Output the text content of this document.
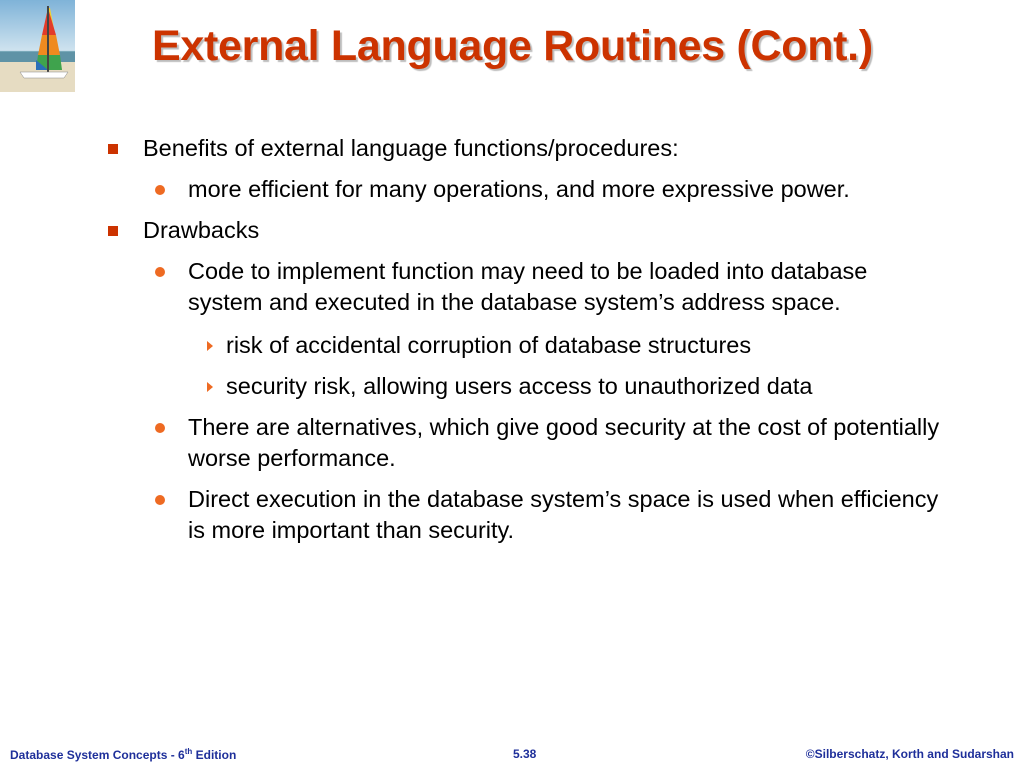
External Language Routines (Cont.)
Benefits of external language functions/procedures:
more efficient for many operations, and more expressive power.
Drawbacks
Code to implement function may need to be loaded into database system and executed in the database system’s address space.
risk of accidental corruption of database structures
security risk, allowing users access to unauthorized data
There are alternatives, which give good security at the cost of potentially worse performance.
Direct execution in the database system’s space is used when efficiency is more important than security.
Database System Concepts - 6th Edition	5.38	©Silberschatz, Korth and Sudarshan
